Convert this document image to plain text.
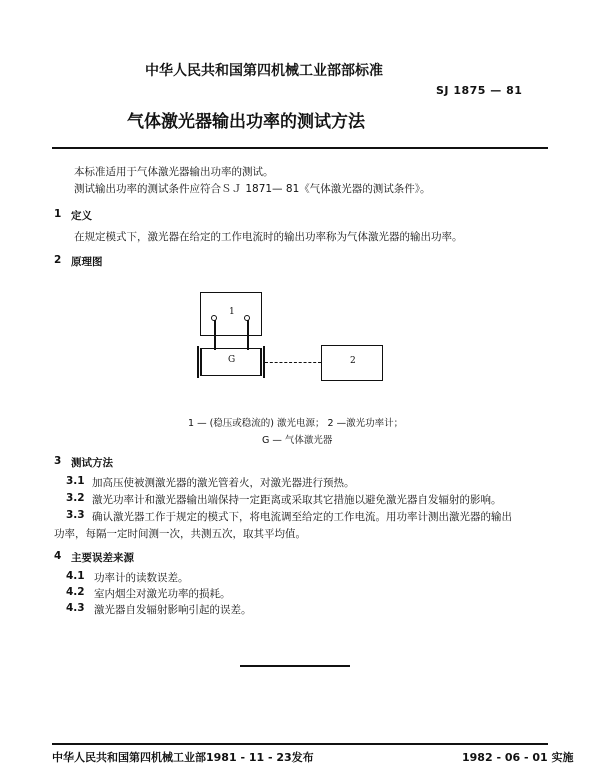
中华人民共和国第四机械工业部部标准
SJ 1875 — 81
气体激光器输出功率的测试方法
本标准适用于气体激光器输出功率的测试。
测试输出功率的测试条件应符合ＳＪ 1871— 81《气体激光器的测试条件》。
1 定义
在规定模式下，激光器在给定的工作电流时的输出功率称为气体激光器的输出功率。
2 原理图
1
G	2
1 — (稳压或稳流的) 激光电源； 2 —激光功率计；
G — 气体激光器
3 测试方法
3.1 加高压使被测激光器的激光管着火，对激光器进行预热。
3.2 激光功率计和激光器输出端保持一定距离或采取其它措施以避免激光器自发辐射的影响。
3.3 确认激光器工作于规定的模式下，将电流调至给定的工作电流。用功率计测出激光器的输出
功率，每隔一定时间测一次，共测五次，取其平均值。
4 主要误差来源
4.1 功率计的读数误差。
4.2 室内烟尘对激光功率的损耗。
4.3 激光器自发辐射影响引起的误差。
中华人民共和国第四机械工业部1981 - 11 - 23发布	1982 - 06 - 01 实施
